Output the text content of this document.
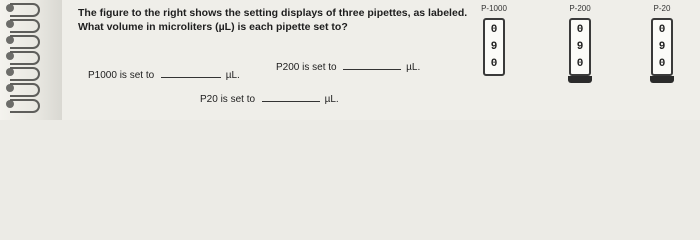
The figure to the right shows the setting displays of three pipettes, as labeled. What volume in microliters (µL) is each pipette set to?
P1000 is set to	µL.
P200 is set to	µL.
P20 is set to	µL.
P-1000
0
9
0
P-200
0
9
0
P-20
0
9
0
